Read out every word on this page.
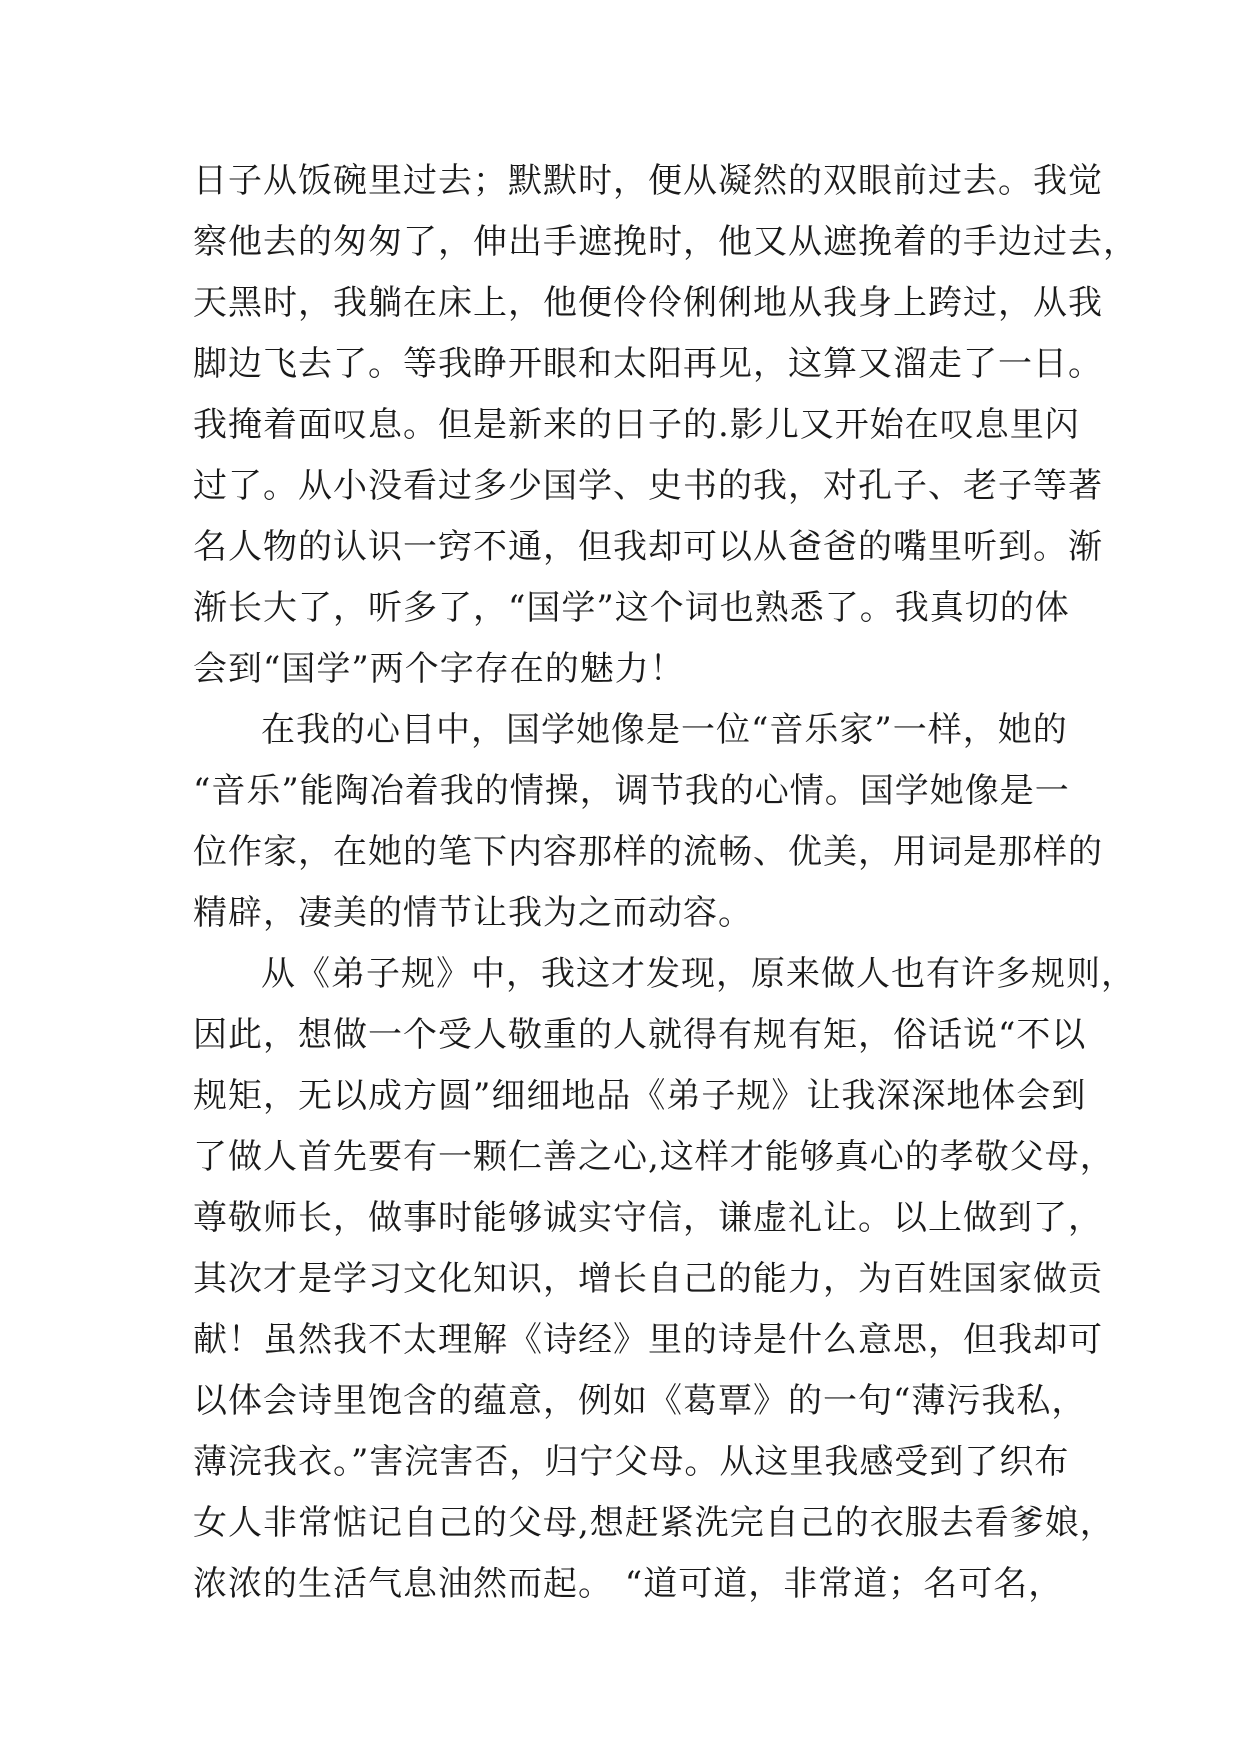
日子从饭碗里过去；默默时，便从凝然的双眼前过去。我觉
察他去的匆匆了，伸出手遮挽时，他又从遮挽着的手边过去，
天黑时，我躺在床上，他便伶伶俐俐地从我身上跨过，从我
脚边飞去了。等我睁开眼和太阳再见，这算又溜走了一日。
我掩着面叹息。但是新来的日子的.影儿又开始在叹息里闪
过了。从小没看过多少国学、史书的我，对孔子、老子等著
名人物的认识一窍不通，但我却可以从爸爸的嘴里听到。渐
渐长大了，听多了，“国学”这个词也熟悉了。我真切的体
会到“国学”两个字存在的魅力！
在我的心目中，国学她像是一位“音乐家”一样，她的
“音乐”能陶冶着我的情操，调节我的心情。国学她像是一
位作家，在她的笔下内容那样的流畅、优美，用词是那样的
精辟，凄美的情节让我为之而动容。
从《弟子规》中，我这才发现，原来做人也有许多规则，
因此，想做一个受人敬重的人就得有规有矩，俗话说“不以
规矩，无以成方圆”细细地品《弟子规》让我深深地体会到
了做人首先要有一颗仁善之心,这样才能够真心的孝敬父母，
尊敬师长，做事时能够诚实守信，谦虚礼让。以上做到了，
其次才是学习文化知识，增长自己的能力，为百姓国家做贡
献！虽然我不太理解《诗经》里的诗是什么意思，但我却可
以体会诗里饱含的蕴意，例如《葛覃》的一句“薄污我私，
薄浣我衣。”害浣害否，归宁父母。从这里我感受到了织布
女人非常惦记自己的父母,想赶紧洗完自己的衣服去看爹娘，
浓浓的生活气息油然而起。 “道可道，非常道；名可名，
